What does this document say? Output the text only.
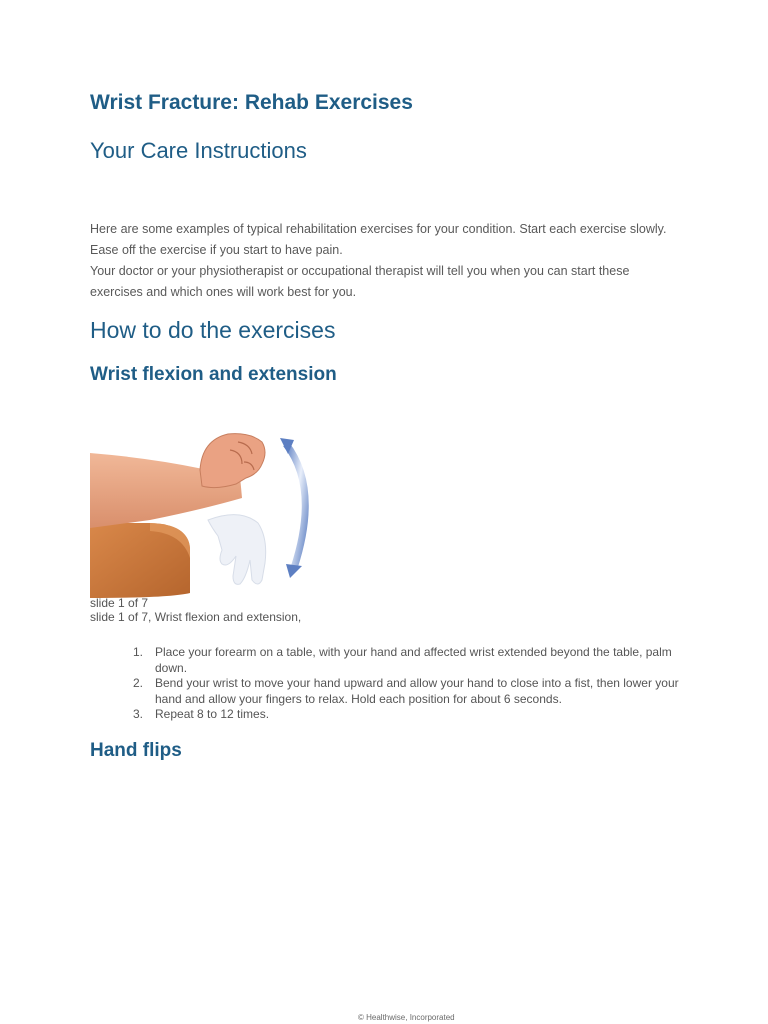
Wrist Fracture: Rehab Exercises
Your Care Instructions

Here are some examples of typical rehabilitation exercises for your condition. Start each exercise slowly. Ease off the exercise if you start to have pain.

Your doctor or your physiotherapist or occupational therapist will tell you when you can start these exercises and which ones will work best for you.

How to do the exercises
Wrist flexion and extension
© Healthwise, Incorporated
slide 1 of 7
slide 1 of 7, Wrist flexion and extension,
1. Place your forearm on a table, with your hand and affected wrist extended beyond the table, palm down.
2. Bend your wrist to move your hand upward and allow your hand to close into a fist, then lower your hand and allow your fingers to relax. Hold each position for about 6 seconds.
3. Repeat 8 to 12 times.
Hand flips
